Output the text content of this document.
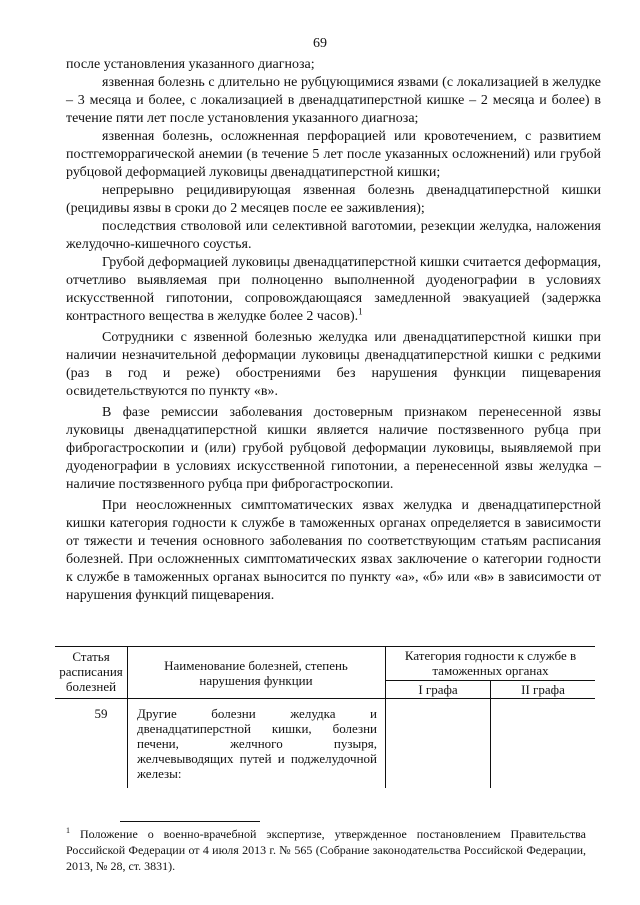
69

после установления указанного диагноза;

язвенная болезнь с длительно не рубцующимися язвами (с локализацией в желудке – 3 месяца и более, с локализацией в двенадцатиперстной кишке – 2 месяца и более) в течение пяти лет после установления указанного диагноза;

язвенная болезнь, осложненная перфорацией или кровотечением, с развитием постгеморрагической анемии (в течение 5 лет после указанных осложнений) или грубой рубцовой деформацией луковицы двенадцатиперстной кишки;

непрерывно рецидивирующая язвенная болезнь двенадцатиперстной кишки (рецидивы язвы в сроки до 2 месяцев после ее заживления);

последствия стволовой или селективной ваготомии, резекции желудка, наложения желудочно-кишечного соустья.

Грубой деформацией луковицы двенадцатиперстной кишки считается деформация, отчетливо выявляемая при полноценно выполненной дуоденографии в условиях искусственной гипотонии, сопровождающаяся замедленной эвакуацией (задержка контрастного вещества в желудке более 2 часов).$^1$

Сотрудники с язвенной болезнью желудка или двенадцатиперстной кишки при наличии незначительной деформации луковицы двенадцатиперстной кишки с редкими (раз в год и реже) обострениями без нарушения функции пищеварения освидетельствуются по пункту «в».

В фазе ремиссии заболевания достоверным признаком перенесенной язвы луковицы двенадцатиперстной кишки является наличие постязвенного рубца при фиброгастроскопии и (или) грубой рубцовой деформации луковицы, выявляемой при дуоденографии в условиях искусственной гипотонии, а перенесенной язвы желудка – наличие постязвенного рубца при фиброгастроскопии.

При неосложненных симптоматических язвах желудка и двенадцатиперстной кишки категория годности к службе в таможенных органах определяется в зависимости от тяжести и течения основного заболевания по соответствующим статьям расписания болезней. При осложненных симптоматических язвах заключение о категории годности к службе в таможенных органах выносится по пункту «а», «б» или «в» в зависимости от нарушения функций пищеварения.

Статья расписания болезней
Наименование болезней, степень нарушения функции
Категория годности к службе в таможенных органах
I графа	II графа
59	Другие болезни желудка и двенадцатиперстной кишки, болезни печени, желчного пузыря, желчевыводящих путей и поджелудочной железы:
$^1$ Положение о военно-врачебной экспертизе, утвержденное постановлением Правительства Российской Федерации от 4 июля 2013 г. № 565 (Собрание законодательства Российской Федерации, 2013, № 28, ст. 3831).
